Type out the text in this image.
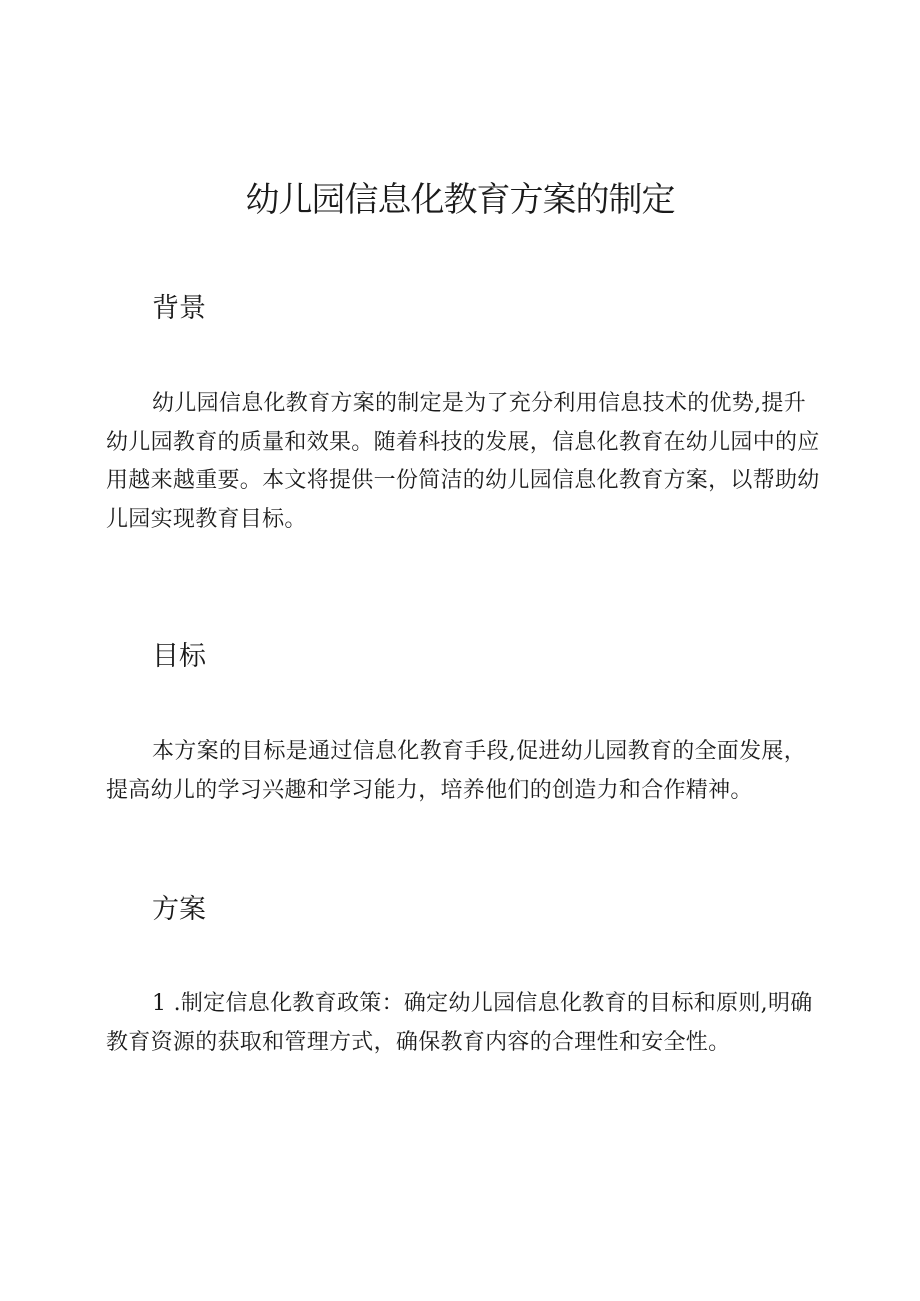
幼儿园信息化教育方案的制定
背景

幼儿园信息化教育方案的制定是为了充分利用信息技术的优势,提升幼儿园教育的质量和效果。随着科技的发展，信息化教育在幼儿园中的应用越来越重要。本文将提供一份简洁的幼儿园信息化教育方案，以帮助幼儿园实现教育目标。

目标

本方案的目标是通过信息化教育手段,促进幼儿园教育的全面发展，提高幼儿的学习兴趣和学习能力，培养他们的创造力和合作精神。

方案

1 .制定信息化教育政策：确定幼儿园信息化教育的目标和原则,明确教育资源的获取和管理方式，确保教育内容的合理性和安全性。
